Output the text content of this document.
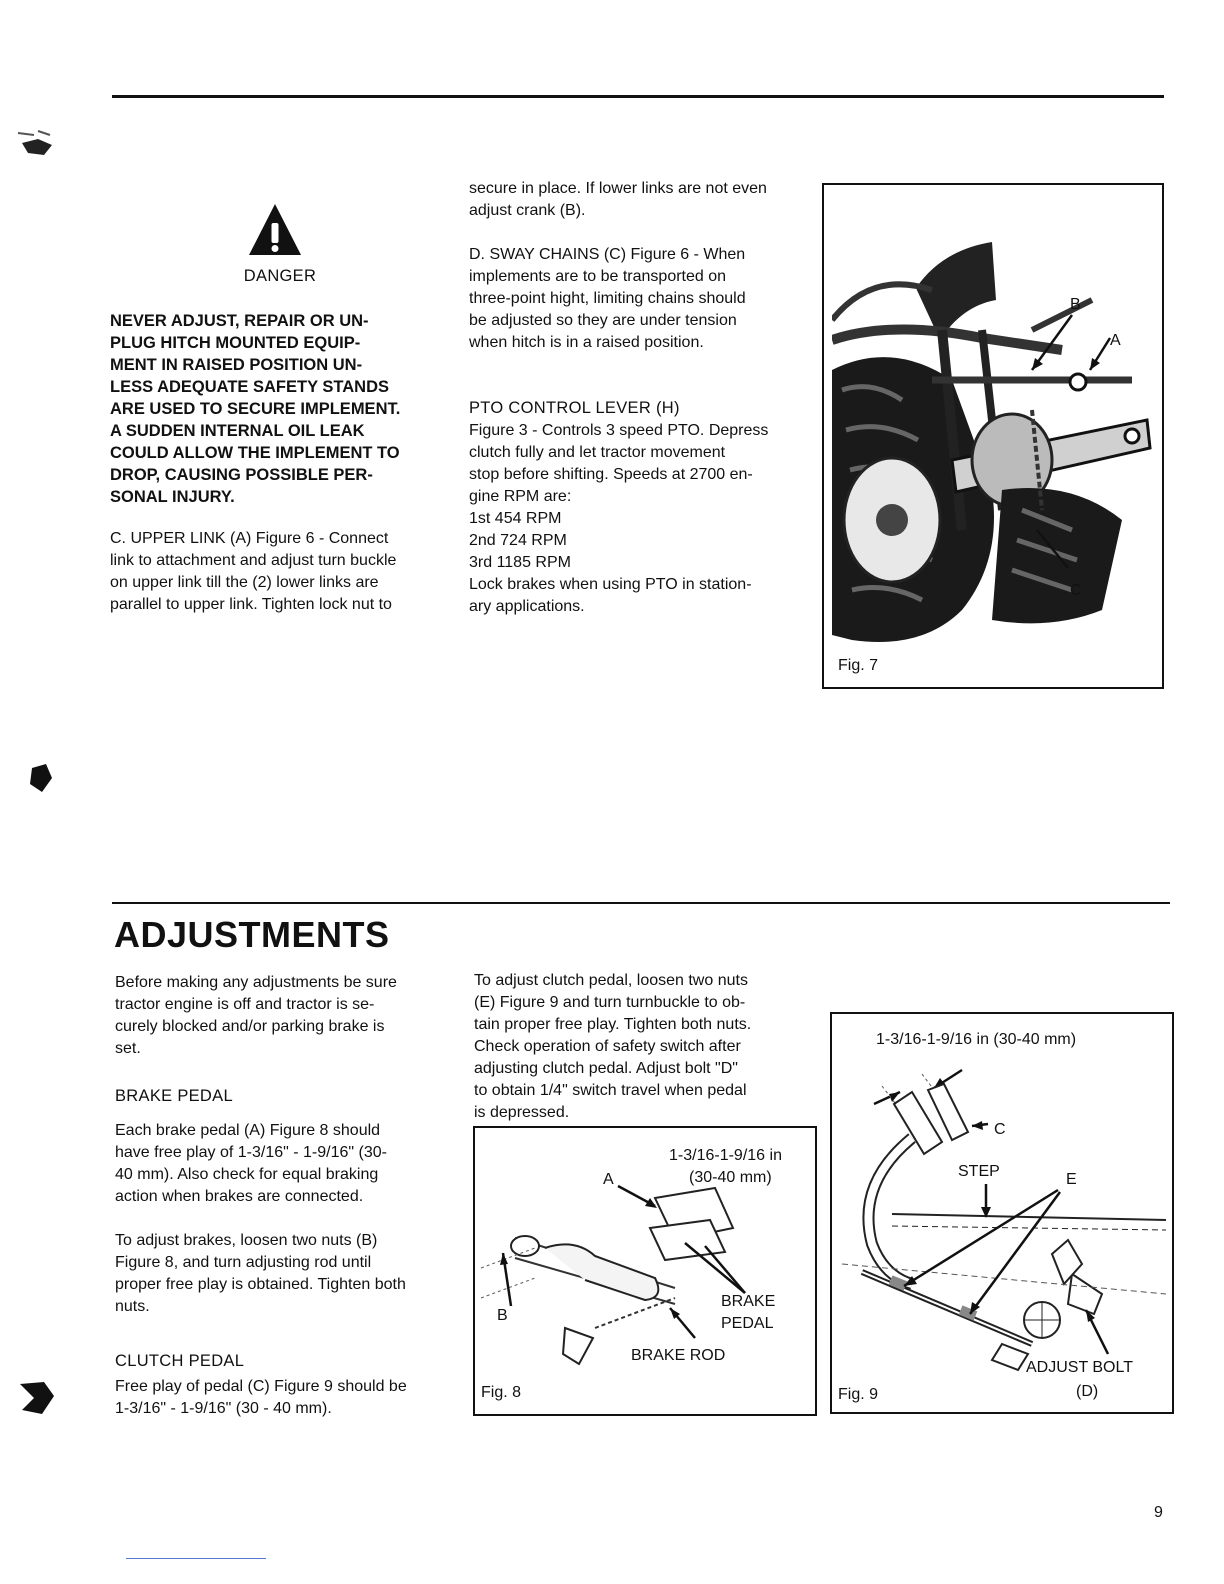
DANGER

NEVER ADJUST, REPAIR OR UN-

PLUG HITCH MOUNTED EQUIP-

MENT IN RAISED POSITION UN-

LESS ADEQUATE SAFETY STANDS

ARE USED TO SECURE IMPLEMENT.

A SUDDEN INTERNAL OIL LEAK

COULD ALLOW THE IMPLEMENT TO

DROP, CAUSING POSSIBLE PER-

SONAL INJURY.

C. UPPER LINK (A) Figure 6 - Connect

link to attachment and adjust turn buckle

on upper link till the (2) lower links are

parallel to upper link. Tighten lock nut to

secure in place. If lower links are not even

adjust crank (B).

D. SWAY CHAINS (C) Figure 6 - When

implements are to be transported on

three-point hight, limiting chains should

be adjusted so they are under tension

when hitch is in a raised position.

PTO CONTROL LEVER (H)

Figure 3 - Controls 3 speed PTO. Depress

clutch fully and let tractor movement

stop before shifting. Speeds at 2700 en-

gine RPM are:

1st 454 RPM

2nd 724 RPM

3rd 1185 RPM

Lock brakes when using PTO in station-

ary applications.

B
A
C
Fig. 7
ADJUSTMENTS

Before making any adjustments be sure

tractor engine is off and tractor is se-

curely blocked and/or parking brake is

set.

BRAKE PEDAL

Each brake pedal (A) Figure 8 should

have free play of 1-3/16" - 1-9/16" (30-

40 mm). Also check for equal braking

action when brakes are connected.

To adjust brakes, loosen two nuts (B)

Figure 8, and turn adjusting rod until

proper free play is obtained. Tighten both

nuts.

CLUTCH PEDAL

Free play of pedal (C) Figure 9 should be

1-3/16" - 1-9/16" (30 - 40 mm).

To adjust clutch pedal, loosen two nuts

(E) Figure 9 and turn turnbuckle to ob-

tain proper free play. Tighten both nuts.

Check operation of safety switch after

adjusting clutch pedal. Adjust bolt "D"

to obtain 1/4" switch travel when pedal

is depressed.

1-3/16-1-9/16 in
(30-40 mm)
A
B
BRAKE
PEDAL
BRAKE ROD
Fig. 8
1-3/16-1-9/16 in (30-40 mm)
C
STEP	E
ADJUST BOLT
(D)
Fig. 9
9
